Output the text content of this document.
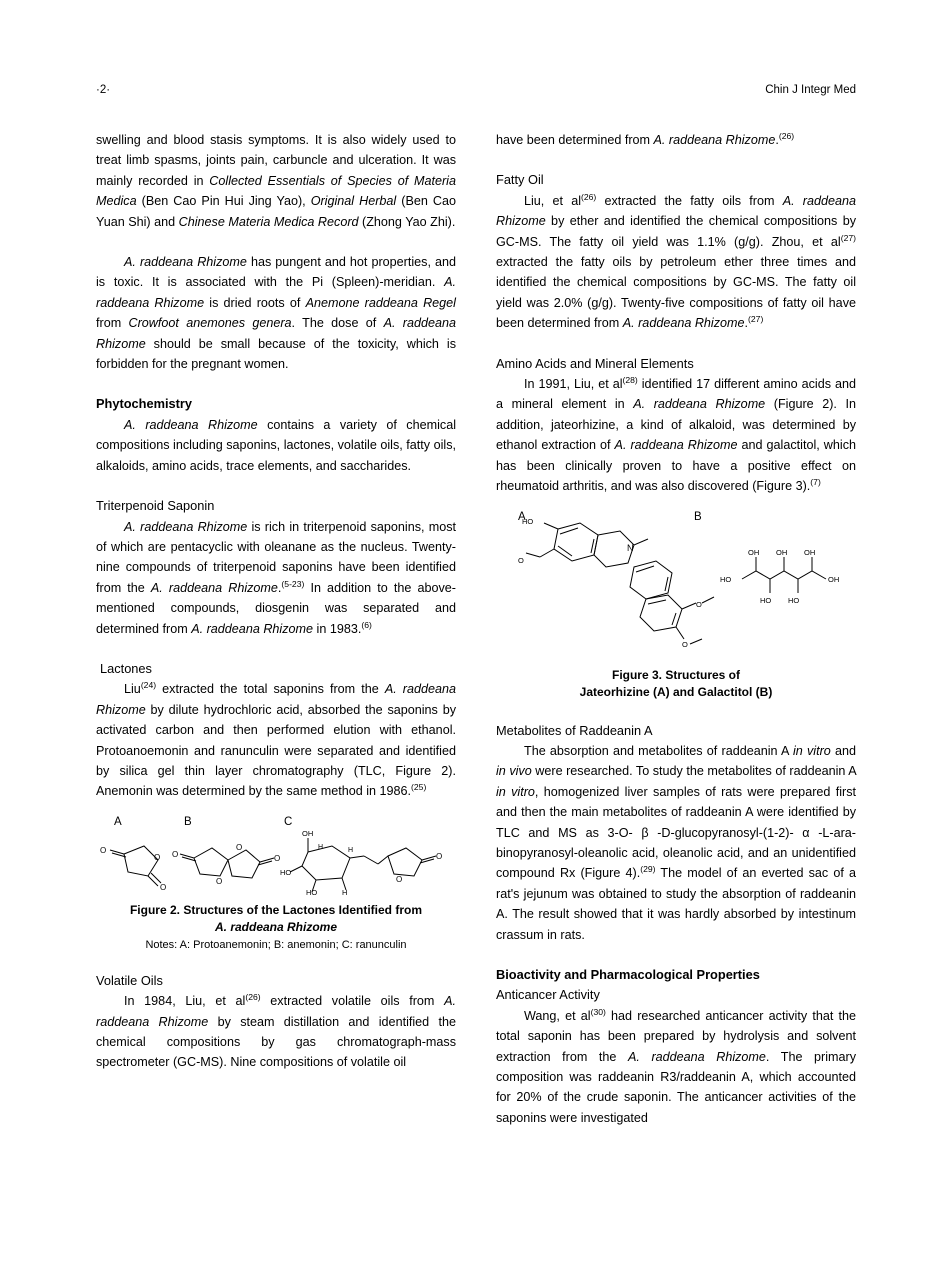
·2·	Chin J Integr Med

swelling and blood stasis symptoms. It is also widely used to treat limb spasms, joints pain, carbuncle and ulceration. It was mainly recorded in Collected Essentials of Species of Materia Medica (Ben Cao Pin Hui Jing Yao), Original Herbal (Ben Cao Yuan Shi) and Chinese Materia Medica Record (Zhong Yao Zhi).

A. raddeana Rhizome has pungent and hot properties, and is toxic. It is associated with the Pi (Spleen)-meridian. A. raddeana Rhizome is dried roots of Anemone raddeana Regel from Crowfoot anemones genera. The dose of A. raddeana Rhizome should be small because of the toxicity, which is forbidden for the pregnant women.

Phytochemistry

A. raddeana Rhizome contains a variety of chemical compositions including saponins, lactones, volatile oils, fatty oils, alkaloids, amino acids, trace elements, and saccharides.

Triterpenoid Saponin

A. raddeana Rhizome is rich in triterpenoid saponins, most of which are pentacyclic with oleanane as the nucleus. Twenty-nine compounds of triterpenoid saponins have been identified from the A. raddeana Rhizome.$^{(5-23)}$ In addition to the above-mentioned compounds, diosgenin was separated and determined from A. raddeana Rhizome in 1983.$^{(6)}$

Lactones

Liu$^{(24)}$ extracted the total saponins from the A. raddeana Rhizome by dilute hydrochloric acid, absorbed the saponins by activated carbon and then performed elution with ethanol. Protoanoemonin and ranunculin were separated and identified by silica gel thin layer chromatography (TLC, Figure 2). Anemonin was determined by the same method in 1986.$^{(25)}$

A	B	C
O
O
O O	O
O
O
OH
HO
HO	H
H	H
O
O
Figure 2. Structures of the Lactones Identified from
A. raddeana Rhizome
Notes: A: Protoanemonin; B: anemonin; C: ranunculin
Volatile Oils

In 1984, Liu, et $al^{(26)}$ extracted volatile oils from A. raddeana Rhizome by steam distillation and identified the chemical compositions by gas chromatograph-mass spectrometer (GC-MS). Nine compositions of volatile oil

have been determined from A. raddeana Rhizome.$^{(26)}$

Fatty Oil

Liu, et $al^{(26)}$ extracted the fatty oils from A. raddeana Rhizome by ether and identified the chemical compositions by GC-MS. The fatty oil yield was 1.1% (g/g). Zhou, et $al^{(27)}$ extracted the fatty oils by petroleum ether three times and identified the chemical compositions by GC-MS. The fatty oil yield was 2.0% (g/g). Twenty-five compositions of fatty oil have been determined from A. raddeana Rhizome.$^{(27)}$

Amino Acids and Mineral Elements

In 1991, Liu, et $al^{(28)}$ identified 17 different amino acids and a mineral element in A. raddeana Rhizome (Figure 2). In addition, jateorhizine, a kind of alkaloid, was determined by ethanol extraction of A. raddeana Rhizome and galactitol, which has been clinically proven to have a positive effect on rheumatoid arthritis, and was also discovered (Figure 3).$^{(7)}$

A	B
HO
O
N
O
O
OH OH OH
HO HO
HO	OH
Figure 3. Structures of
Jateorhizine (A) and Galactitol (B)
Metabolites of Raddeanin A

The absorption and metabolites of raddeanin A in vitro and in vivo were researched. To study the metabolites of raddeanin A in vitro, homogenized liver samples of rats were prepared first and then the main metabolites of raddeanin A were identified by TLC and MS as 3-O- β -D-glucopyranosyl-(1-2)- α -L-ara-binopyranosyl-oleanolic acid, oleanolic acid, and an unidentified compound Rx (Figure 4).$^{(29)}$ The model of an everted sac of a rat's jejunum was obtained to study the absorption of raddeanin A. The result showed that it was hardly absorbed by intestinum crassum in rats.

Bioactivity and Pharmacological Properties
Anticancer Activity

Wang, et $al^{(30)}$ had researched anticancer activity that the total saponin has been prepared by hydrolysis and solvent extraction from the A. raddeana Rhizome. The primary composition was raddeanin R3/raddeanin A, which accounted for 20% of the crude saponin. The anticancer activities of the saponins were investigated
